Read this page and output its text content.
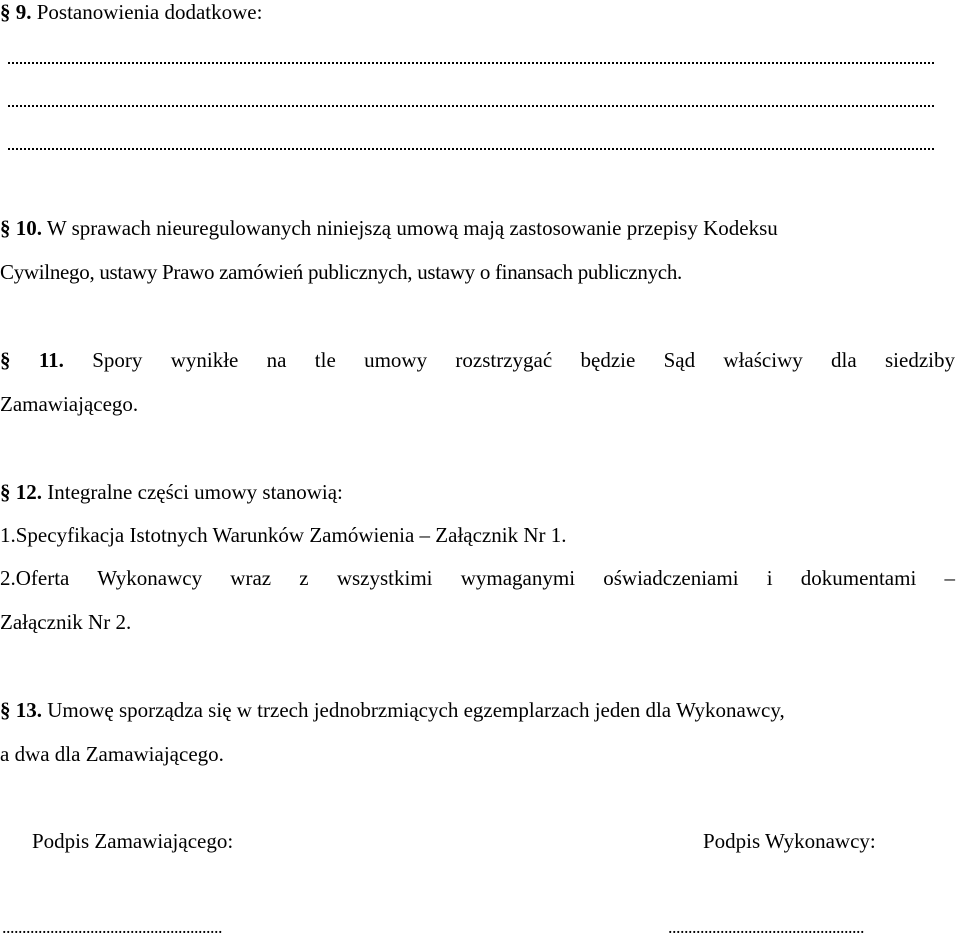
§ 9. Postanowienia dodatkowe:
§ 10. W sprawach nieuregulowanych niniejszą umową mają zastosowanie przepisy Kodeksu
Cywilnego, ustawy Prawo zamówień publicznych, ustawy o finansach publicznych.
§ 11. Spory wynikłe na tle umowy rozstrzygać będzie Sąd właściwy dla siedziby
Zamawiającego.
§ 12. Integralne części umowy stanowią:
1.Specyfikacja Istotnych Warunków Zamówienia – Załącznik Nr 1.
2.Oferta Wykonawcy wraz z wszystkimi wymaganymi oświadczeniami i dokumentami –
Załącznik Nr 2.
§ 13. Umowę sporządza się w trzech jednobrzmiących egzemplarzach jeden dla Wykonawcy,
a dwa dla Zamawiającego.
Podpis Zamawiającego:	Podpis Wykonawcy:
.......................................................	.................................................
